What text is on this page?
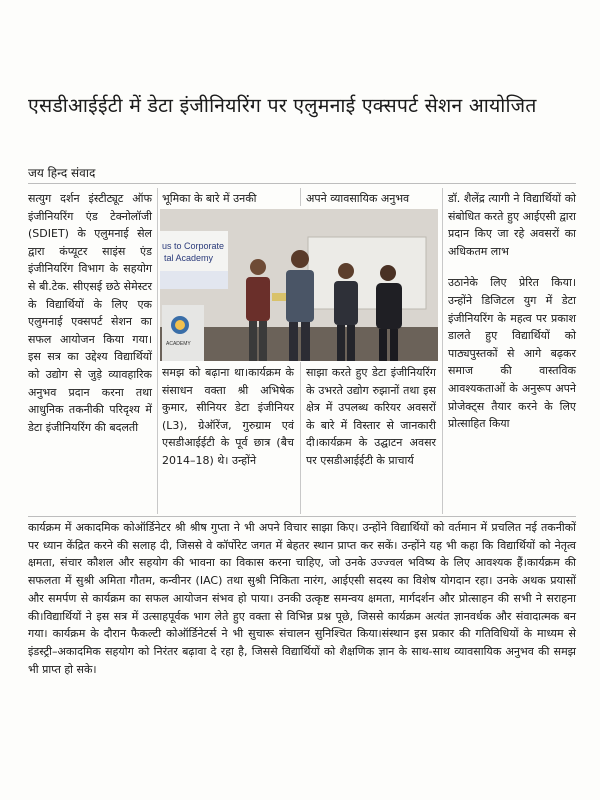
एसडीआईईटी में डेटा इंजीनियरिंग पर एलुमनाई एक्सपर्ट सेशन आयोजित

जय हिन्द संवाद

सत्युग दर्शन इंस्टीट्यूट ऑफ इंजीनियरिंग एंड टेक्नोलॉजी (SDIET) के एलुमनाई सेल द्वारा कंप्यूटर साइंस एंड इंजीनियरिंग विभाग के सहयोग से बी.टेक. सीएसई छठे सेमेस्टर के विद्यार्थियों के लिए एक एलुमनाई एक्सपर्ट सेशन का सफल आयोजन किया गया। इस सत्र का उद्देश्य विद्यार्थियों को उद्योग से जुड़े व्यावहारिक अनुभव प्रदान करना तथा आधुनिक तकनीकी परिदृश्य में डेटा इंजीनियरिंग की बदलती

भूमिका के बारे में उनकी	अपने व्यावसायिक अनुभव

us to Corporate
tal Academy
ACADEMY

समझ को बढ़ाना था।कार्यक्रम के संसाधन वक्ता श्री अभिषेक कुमार, सीनियर डेटा इंजीनियर (L3), ग्रेऑरेंज, गुरुग्राम एवं एसडीआईईटी के पूर्व छात्र (बैच 2014–18) थे। उन्होंने

साझा करते हुए डेटा इंजीनियरिंग के उभरते उद्योग रुझानों तथा इस क्षेत्र में उपलब्ध करियर अवसरों के बारे में विस्तार से जानकारी दी।कार्यक्रम के उद्घाटन अवसर पर एसडीआईईटी के प्राचार्य

डॉ. शैलेंद्र त्यागी ने विद्यार्थियों को संबोधित करते हुए आईएसी द्वारा प्रदान किए जा रहे अवसरों का अधिकतम लाभ

उठानेके लिए प्रेरित किया। उन्होंने डिजिटल युग में डेटा इंजीनियरिंग के महत्व पर प्रकाश डालते हुए विद्यार्थियों को पाठ्यपुस्तकों से आगे बढ़कर समाज की वास्तविक आवश्यकताओं के अनुरूप अपने प्रोजेक्ट्स तैयार करने के लिए प्रोत्साहित किया

कार्यक्रम में अकादमिक कोऑर्डिनेटर श्री श्रीष गुप्ता ने भी अपने विचार साझा किए। उन्होंने विद्यार्थियों को वर्तमान में प्रचलित नई तकनीकों पर ध्यान केंद्रित करने की सलाह दी, जिससे वे कॉर्पोरेट जगत में बेहतर स्थान प्राप्त कर सकें। उन्होंने यह भी कहा कि विद्यार्थियों को नेतृत्व क्षमता, संचार कौशल और सहयोग की भावना का विकास करना चाहिए, जो उनके उज्ज्वल भविष्य के लिए आवश्यक हैं।कार्यक्रम की सफलता में सुश्री अमिता गौतम, कन्वीनर (IAC) तथा सुश्री निकिता नारंग, आईएसी सदस्य का विशेष योगदान रहा। उनके अथक प्रयासों और समर्पण से कार्यक्रम का सफल आयोजन संभव हो पाया। उनकी उत्कृष्ट समन्वय क्षमता, मार्गदर्शन और प्रोत्साहन की सभी ने सराहना की।विद्यार्थियों ने इस सत्र में उत्साहपूर्वक भाग लेते हुए वक्ता से विभिन्न प्रश्न पूछे, जिससे कार्यक्रम अत्यंत ज्ञानवर्धक और संवादात्मक बन गया। कार्यक्रम के दौरान फैकल्टी कोऑर्डिनेटर्स ने भी सुचारू संचालन सुनिश्चित किया।संस्थान इस प्रकार की गतिविधियों के माध्यम से इंडस्ट्री–अकादमिक सहयोग को निरंतर बढ़ावा दे रहा है, जिससे विद्यार्थियों को शैक्षणिक ज्ञान के साथ-साथ व्यावसायिक अनुभव की समझ भी प्राप्त हो सके।
